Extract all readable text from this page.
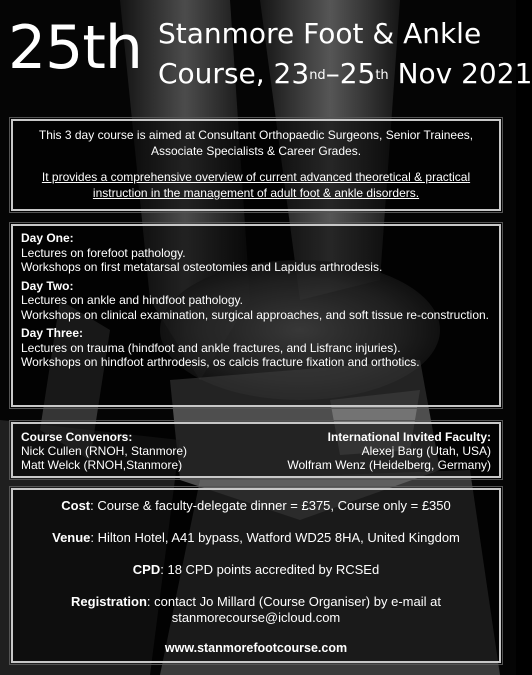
25th Stanmore Foot & Ankle
Course, 23nd–25th Nov 2021

This 3 day course is aimed at Consultant Orthopaedic Surgeons, Senior Trainees, Associate Specialists & Career Grades.

It provides a comprehensive overview of current advanced theoretical & practical instruction in the management of adult foot & ankle disorders.

Day One:
Lectures on forefoot pathology.
Workshops on first metatarsal osteotomies and Lapidus arthrodesis.
Day Two:
Lectures on ankle and hindfoot pathology.
Workshops on clinical examination, surgical approaches, and soft tissue re-construction.
Day Three:
Lectures on trauma (hindfoot and ankle fractures, and Lisfranc injuries).
Workshops on hindfoot arthrodesis, os calcis fracture fixation and orthotics.
Course Convenors:
Nick Cullen (RNOH, Stanmore)
Matt Welck (RNOH,Stanmore)
International Invited Faculty:
Alexej Barg (Utah, USA)
Wolfram Wenz (Heidelberg, Germany)

Cost: Course & faculty-delegate dinner = £375, Course only = £350

Venue: Hilton Hotel, A41 bypass, Watford WD25 8HA, United Kingdom

CPD: 18 CPD points accredited by RCSEd

Registration: contact Jo Millard (Course Organiser) by e-mail at

stanmorecourse@icloud.com

www.stanmorefootcourse.com
